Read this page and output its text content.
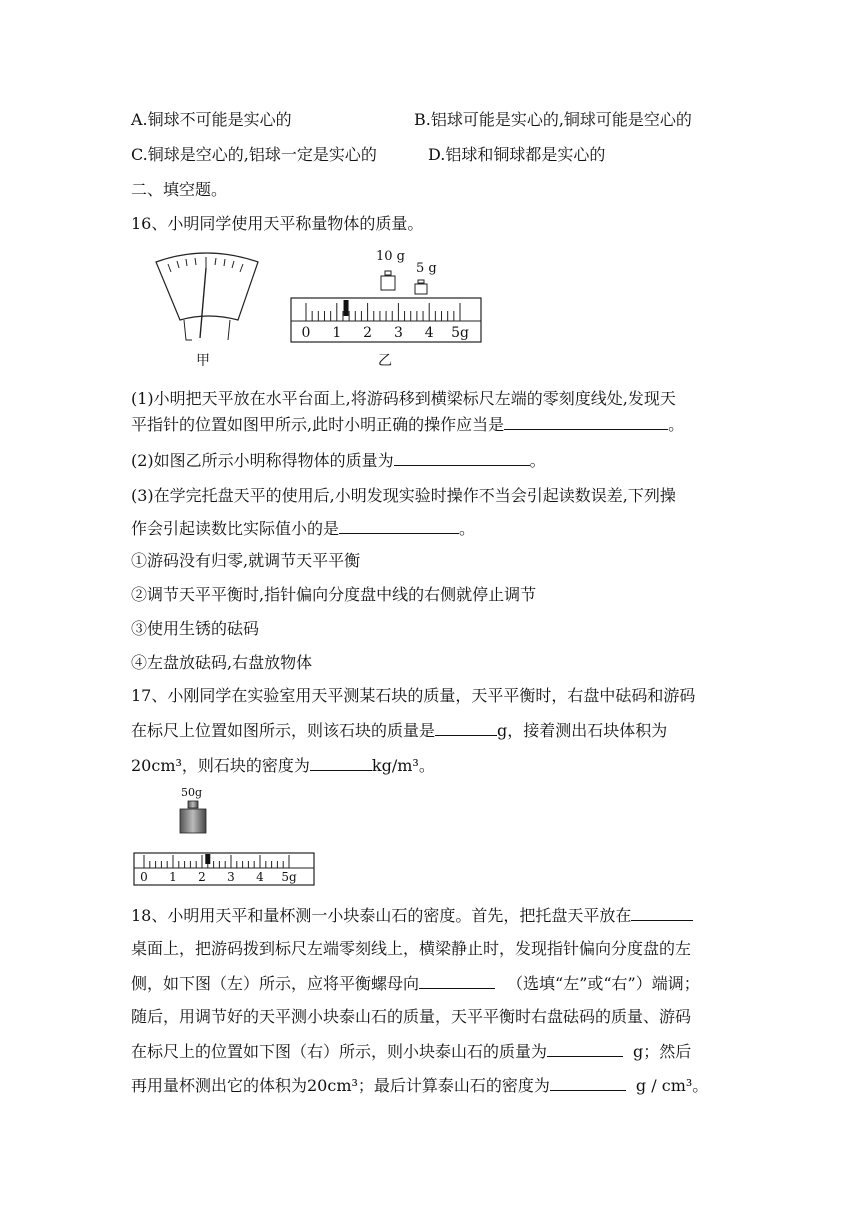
A.铜球不可能是实心的	B.铝球可能是实心的,铜球可能是空心的
C.铜球是空心的,铝球一定是实心的	D.铝球和铜球都是实心的
二、填空题。
16、小明同学使用天平称量物体的质量。
甲
10 g
5 g
0 1 2 3 4 5g
乙
(1)小明把天平放在水平台面上,将游码移到横梁标尺左端的零刻度线处,发现天
平指针的位置如图甲所示,此时小明正确的操作应当是	。
(2)如图乙所示小明称得物体的质量为	。
(3)在学完托盘天平的使用后,小明发现实验时操作不当会引起读数误差,下列操
作会引起读数比实际值小的是	。
①游码没有归零,就调节天平平衡
②调节天平平衡时,指针偏向分度盘中线的右侧就停止调节
③使用生锈的砝码
④左盘放砝码,右盘放物体
17、小刚同学在实验室用天平测某石块的质量，天平平衡时，右盘中砝码和游码
在标尺上位置如图所示，则该石块的质量是	g，接着测出石块体积为
20cm³，则石块的密度为	kg/m³。
50g
0 1 2 3 4 5g
18、小明用天平和量杯测一小块泰山石的密度。首先，把托盘天平放在
桌面上，把游码拨到标尺左端零刻线上，横梁静止时，发现指针偏向分度盘的左
侧，如下图（左）所示，应将平衡螺母向	（选填“左”或“右”）端调；
随后，用调节好的天平测小块泰山石的质量，天平平衡时右盘砝码的质量、游码
在标尺上的位置如下图（右）所示，则小块泰山石的质量为	g；然后
再用量杯测出它的体积为20cm³；最后计算泰山石的密度为	g / cm³。
